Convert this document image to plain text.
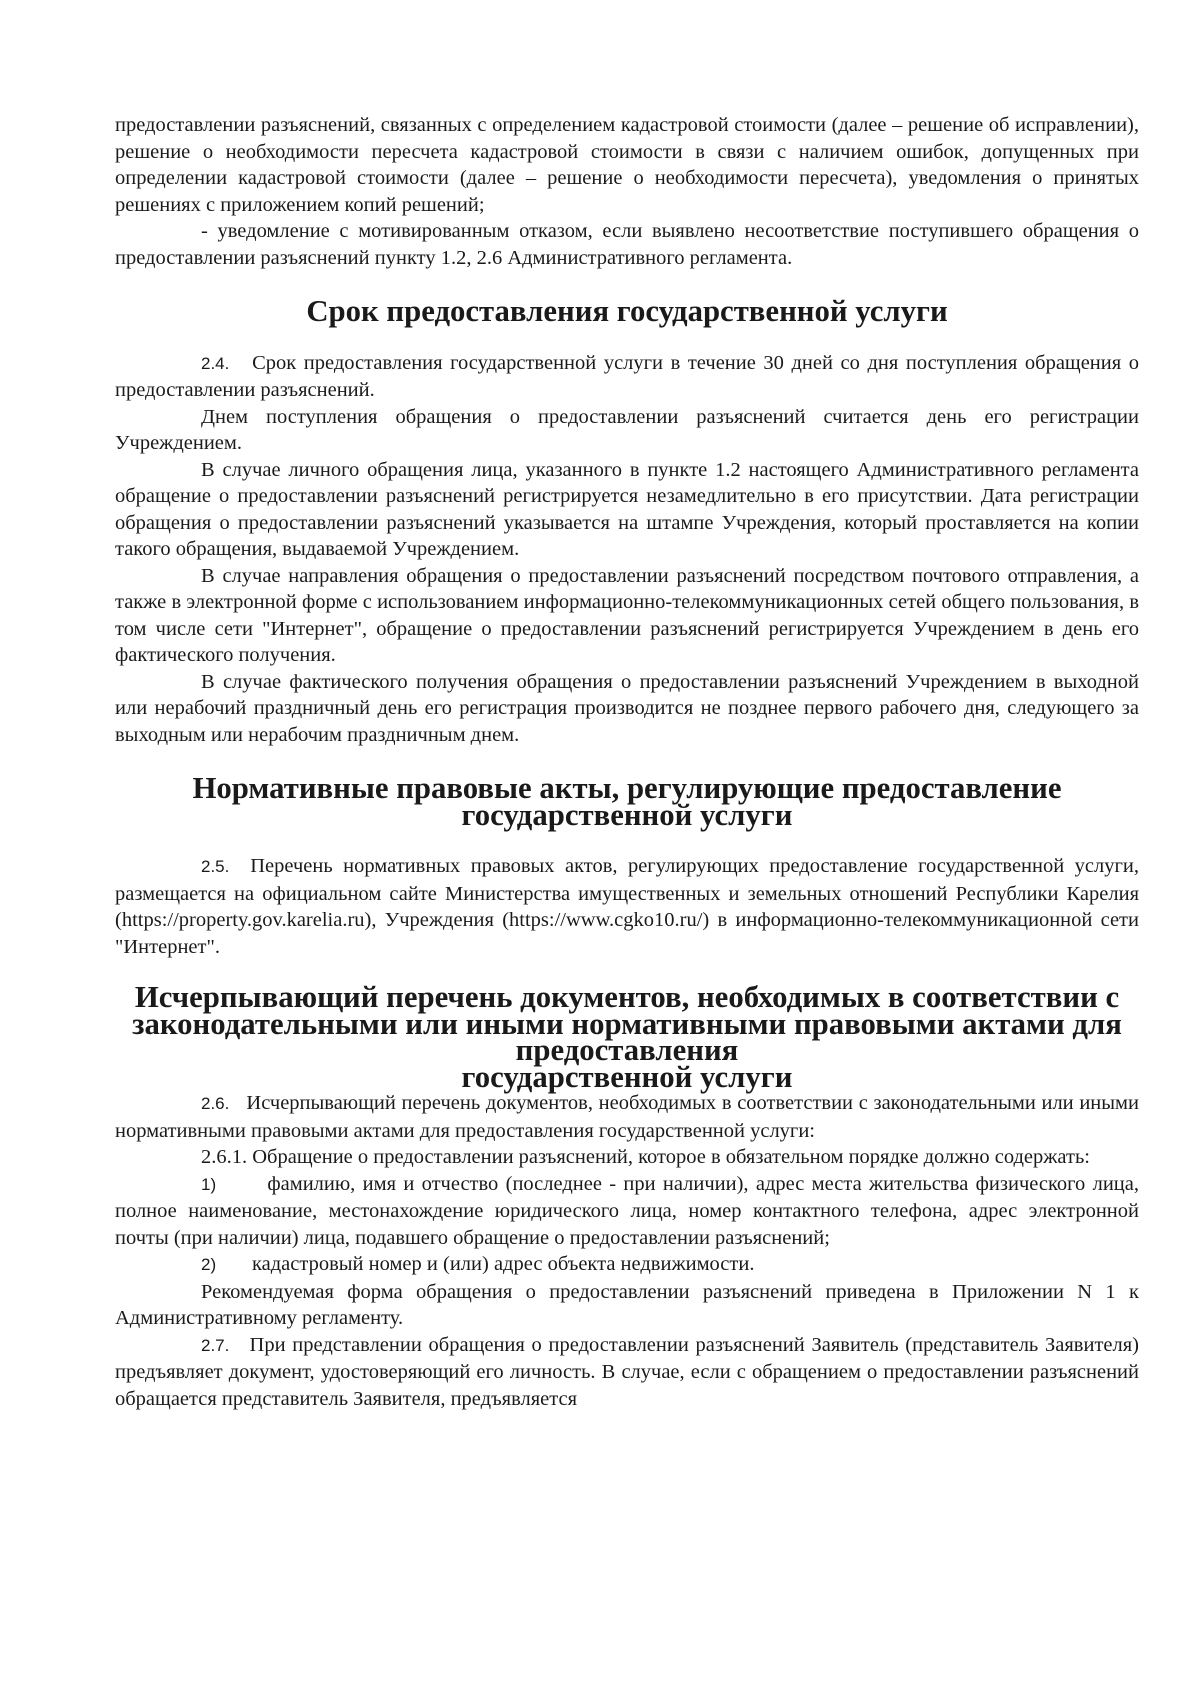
предоставлении разъяснений, связанных с определением кадастровой стоимости (далее – решение об исправлении), решение о необходимости пересчета кадастровой стоимости в связи с наличием ошибок, допущенных при определении кадастровой стоимости (далее – решение о необходимости пересчета), уведомления о принятых решениях с приложением копий решений;

- уведомление с мотивированным отказом, если выявлено несоответствие поступившего обращения о предоставлении разъяснений пункту 1.2, 2.6 Административного регламента.

Срок предоставления государственной услуги

2.4. Срок предоставления государственной услуги в течение 30 дней со дня поступления обращения о предоставлении разъяснений.

Днем поступления обращения о предоставлении разъяснений считается день его регистрации Учреждением.

В случае личного обращения лица, указанного в пункте 1.2 настоящего Административного регламента обращение о предоставлении разъяснений регистрируется незамедлительно в его присутствии. Дата регистрации обращения о предоставлении разъяснений указывается на штампе Учреждения, который проставляется на копии такого обращения, выдаваемой Учреждением.

В случае направления обращения о предоставлении разъяснений посредством почтового отправления, а также в электронной форме с использованием информационно-телекоммуникационных сетей общего пользования, в том числе сети "Интернет", обращение о предоставлении разъяснений регистрируется Учреждением в день его фактического получения.

В случае фактического получения обращения о предоставлении разъяснений Учреждением в выходной или нерабочий праздничный день его регистрация производится не позднее первого рабочего дня, следующего за выходным или нерабочим праздничным днем.

Нормативные правовые акты, регулирующие предоставление
государственной услуги

2.5. Перечень нормативных правовых актов, регулирующих предоставление государственной услуги, размещается на официальном сайте Министерства имущественных и земельных отношений Республики Карелия (https://property.gov.karelia.ru), Учреждения (https://www.cgko10.ru/) в информационно-телекоммуникационной сети "Интернет".

Исчерпывающий перечень документов, необходимых в соответствии с
законодательными или иными нормативными правовыми актами для предоставления
государственной услуги

2.6. Исчерпывающий перечень документов, необходимых в соответствии с законодательными или иными нормативными правовыми актами для предоставления государственной услуги:

2.6.1. Обращение о предоставлении разъяснений, которое в обязательном порядке должно содержать:

1) фамилию, имя и отчество (последнее - при наличии), адрес места жительства физического лица, полное наименование, местонахождение юридического лица, номер контактного телефона, адрес электронной почты (при наличии) лица, подавшего обращение о предоставлении разъяснений;

2) кадастровый номер и (или) адрес объекта недвижимости.

Рекомендуемая форма обращения о предоставлении разъяснений приведена в Приложении N 1 к Административному регламенту.

2.7. При представлении обращения о предоставлении разъяснений Заявитель (представитель Заявителя) предъявляет документ, удостоверяющий его личность. В случае, если с обращением о предоставлении разъяснений обращается представитель Заявителя, предъявляется
